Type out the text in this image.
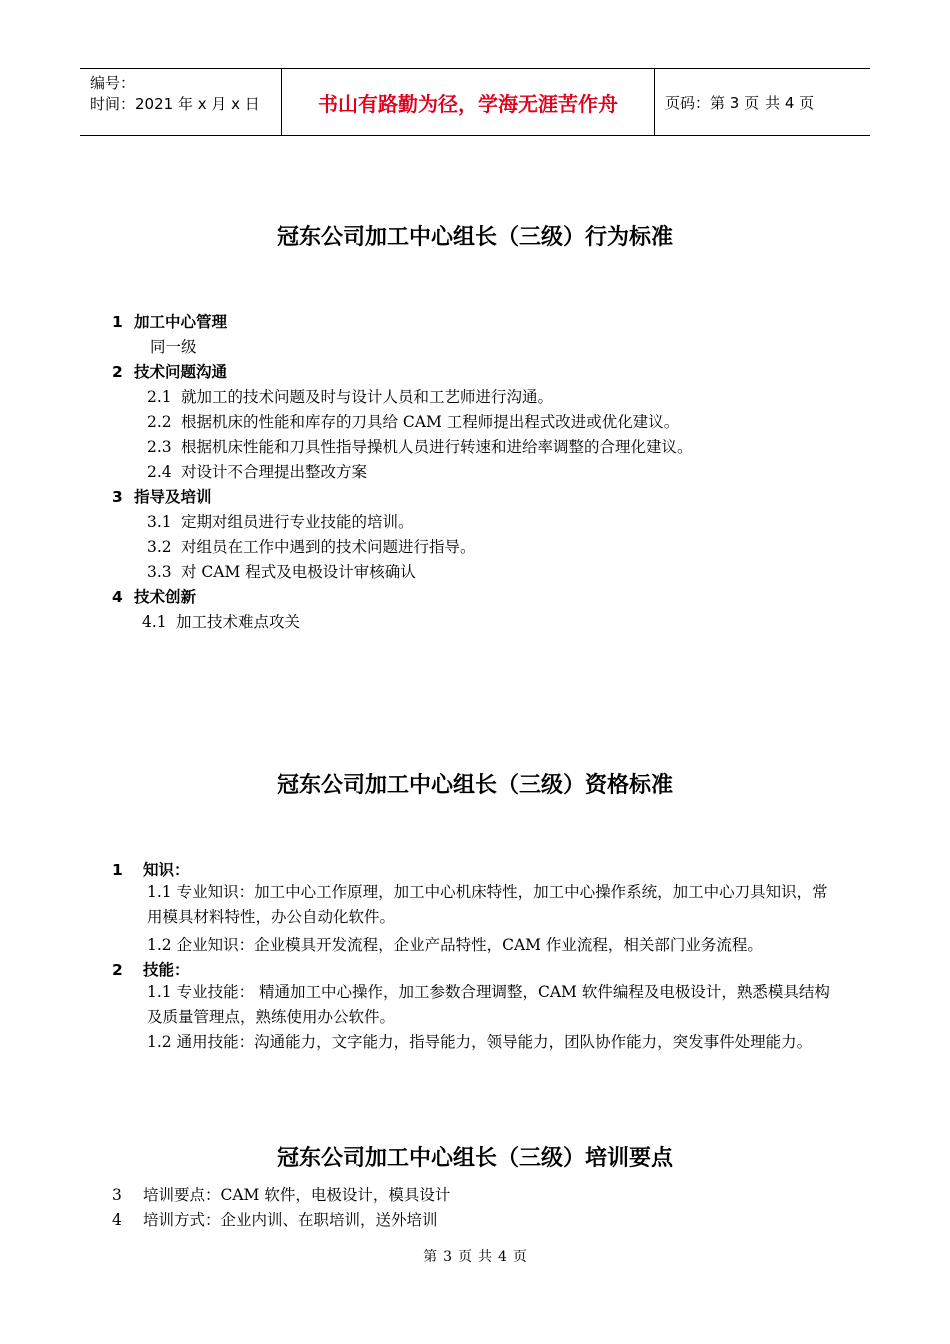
编号：
时间：2021 年 x 月 x 日	书山有路勤为径，学海无涯苦作舟	页码：第 3 页 共 4 页
冠东公司加工中心组长（三级）行为标准
1 加工中心管理
同一级
2 技术问题沟通
2.1 就加工的技术问题及时与设计人员和工艺师进行沟通。
2.2 根据机床的性能和库存的刀具给 CAM 工程师提出程式改进或优化建议。
2.3 根据机床性能和刀具性指导操机人员进行转速和进给率调整的合理化建议。
2.4 对设计不合理提出整改方案
3 指导及培训
3.1 定期对组员进行专业技能的培训。
3.2 对组员在工作中遇到的技术问题进行指导。
3.3 对 CAM 程式及电极设计审核确认
4 技术创新
4.1 加工技术难点攻关
冠东公司加工中心组长（三级）资格标准
1 知识：
1.1 专业知识：加工中心工作原理，加工中心机床特性，加工中心操作系统，加工中心刀具知识，常用模具材料特性，办公自动化软件。
1.2 企业知识：企业模具开发流程，企业产品特性，CAM 作业流程，相关部门业务流程。
2 技能：
1.1 专业技能： 精通加工中心操作，加工参数合理调整，CAM 软件编程及电极设计，熟悉模具结构及质量管理点，熟练使用办公软件。
1.2 通用技能：沟通能力，文字能力，指导能力，领导能力，团队协作能力，突发事件处理能力。
冠东公司加工中心组长（三级）培训要点
3 培训要点：CAM 软件，电极设计，模具设计
4 培训方式：企业内训、在职培训，送外培训
第 3 页 共 4 页
